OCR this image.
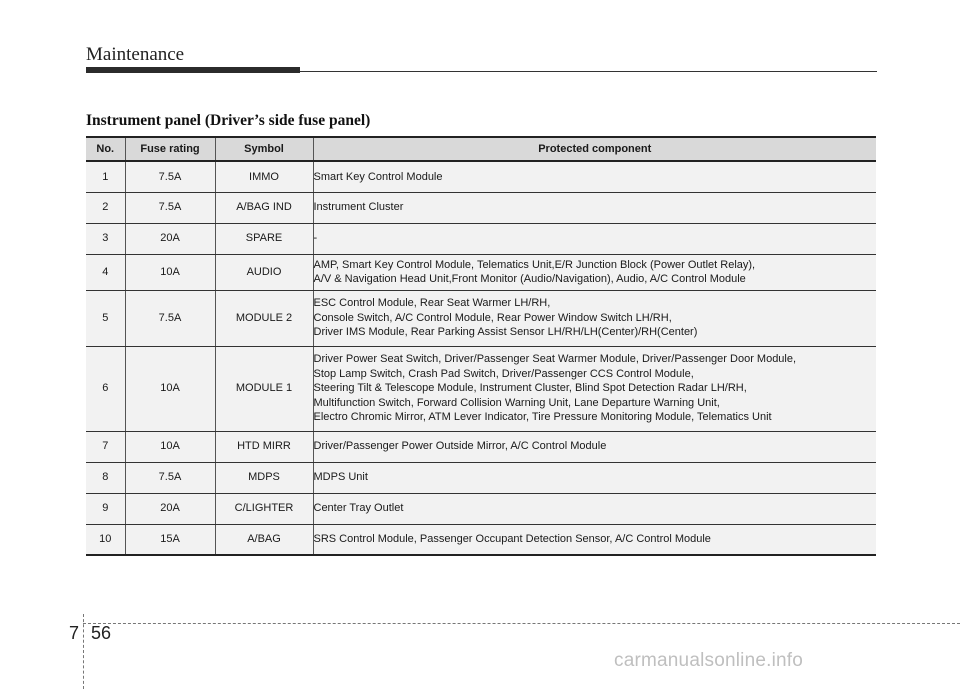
Maintenance
Instrument panel (Driver’s side fuse panel)
No.	Fuse rating	Symbol	Protected component
1	7.5A	IMMO	Smart Key Control Module
2	7.5A	A/BAG IND	Instrument Cluster
3	20A	SPARE	-
4	10A	AUDIO	AMP, Smart Key Control Module, Telematics Unit,E/R Junction Block (Power Outlet Relay),
A/V & Navigation Head Unit,Front Monitor (Audio/Navigation), Audio, A/C Control Module
5	7.5A	MODULE 2	ESC Control Module, Rear Seat Warmer LH/RH,
Console Switch, A/C Control Module, Rear Power Window Switch LH/RH,
Driver IMS Module, Rear Parking Assist Sensor LH/RH/LH(Center)/RH(Center)
6	10A	MODULE 1	Driver Power Seat Switch, Driver/Passenger Seat Warmer Module, Driver/Passenger Door Module,
Stop Lamp Switch, Crash Pad Switch, Driver/Passenger CCS Control Module,
Steering Tilt & Telescope Module, Instrument Cluster, Blind Spot Detection Radar LH/RH,
Multifunction Switch, Forward Collision Warning Unit, Lane Departure Warning Unit,
Electro Chromic Mirror, ATM Lever Indicator, Tire Pressure Monitoring Module, Telematics Unit
7	10A	HTD MIRR	Driver/Passenger Power Outside Mirror, A/C Control Module
8	7.5A	MDPS	MDPS Unit
9	20A	C/LIGHTER	Center Tray Outlet
10	15A	A/BAG	SRS Control Module, Passenger Occupant Detection Sensor, A/C Control Module
7 56
carmanualsonline.info
